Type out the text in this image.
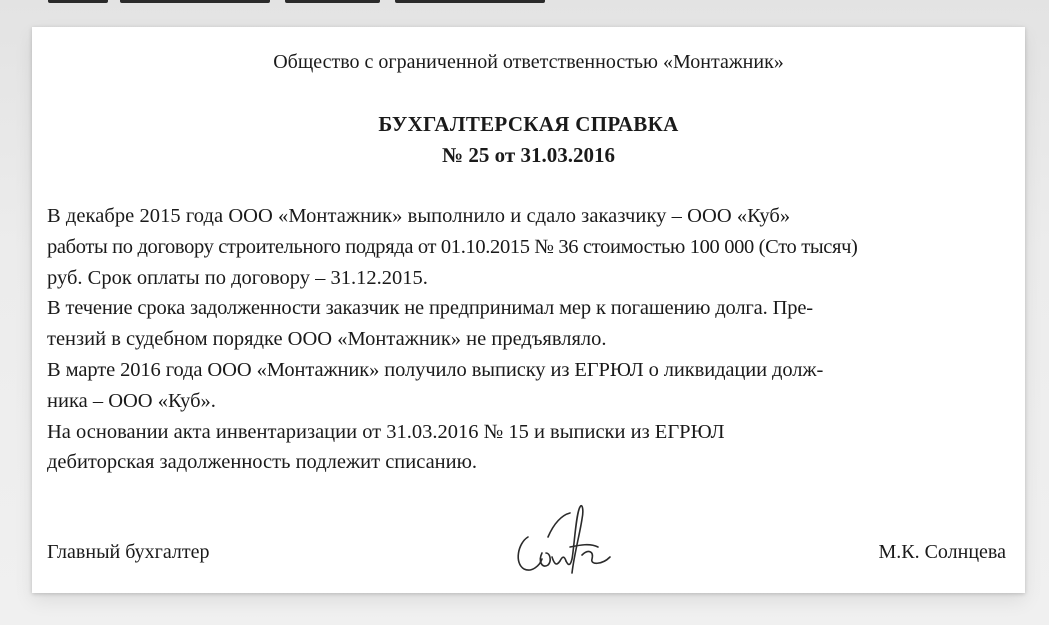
Общество с ограниченной ответственностью «Монтажник»
БУХГАЛТЕРСКАЯ СПРАВКА
№ 25 от 31.03.2016
В декабре 2015 года ООО «Монтажник» выполнило и сдало заказчику – ООО «Куб»
работы по договору строительного подряда от 01.10.2015 № 36 стоимостью 100 000 (Сто тысяч)
руб. Срок оплаты по договору – 31.12.2015.
В течение срока задолженности заказчик не предпринимал мер к погашению долга. Пре-
тензий в судебном порядке ООО «Монтажник» не предъявляло.
В марте 2016 года ООО «Монтажник» получило выписку из ЕГРЮЛ о ликвидации долж-
ника – ООО «Куб».
На основании акта инвентаризации от 31.03.2016 № 15 и выписки из ЕГРЮЛ
дебиторская задолженность подлежит списанию.
Главный бухгалтер	М.К. Солнцева
